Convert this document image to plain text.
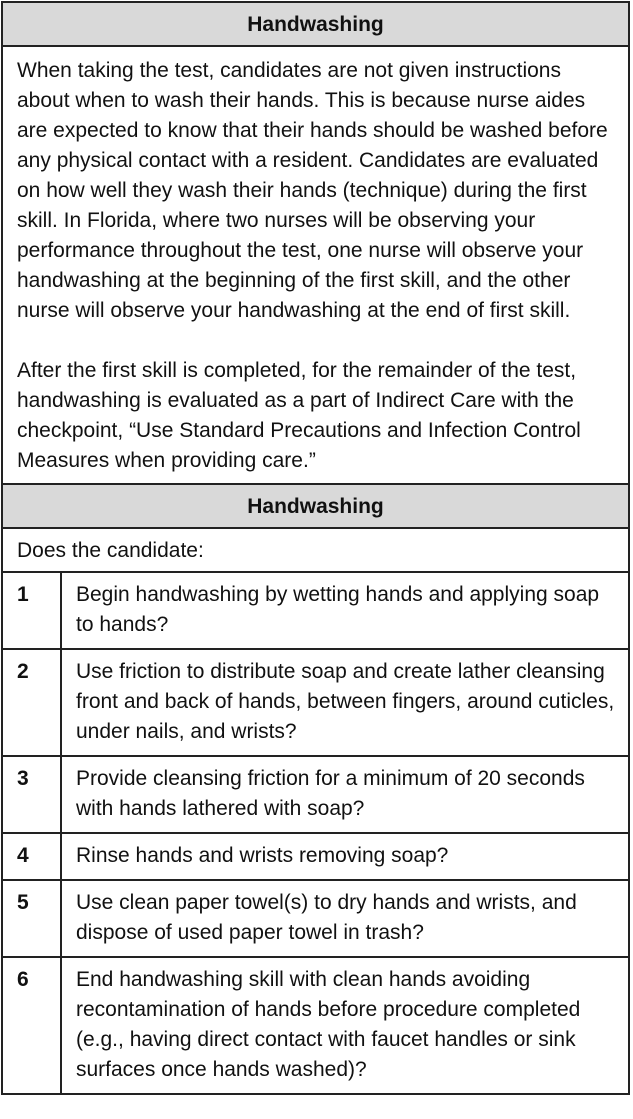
Handwashing

When taking the test, candidates are not given instructions about when to wash their hands. This is because nurse aides are expected to know that their hands should be washed before any physical contact with a resident. Candidates are evaluated on how well they wash their hands (technique) during the first skill. In Florida, where two nurses will be observing your performance throughout the test, one nurse will observe your handwashing at the beginning of the first skill, and the other nurse will observe your handwashing at the end of first skill.

After the first skill is completed, for the remainder of the test, handwashing is evaluated as a part of Indirect Care with the checkpoint, “Use Standard Precautions and Infection Control Measures when providing care.”

Handwashing
Does the candidate:
1	Begin handwashing by wetting hands and applying soap to hands?
2	Use friction to distribute soap and create lather cleansing front and back of hands, between fingers, around cuticles, under nails, and wrists?
3	Provide cleansing friction for a minimum of 20 seconds with hands lathered with soap?
4	Rinse hands and wrists removing soap?
5	Use clean paper towel(s) to dry hands and wrists, and dispose of used paper towel in trash?
6	End handwashing skill with clean hands avoiding recontamination of hands before procedure completed (e.g., having direct contact with faucet handles or sink surfaces once hands washed)?
